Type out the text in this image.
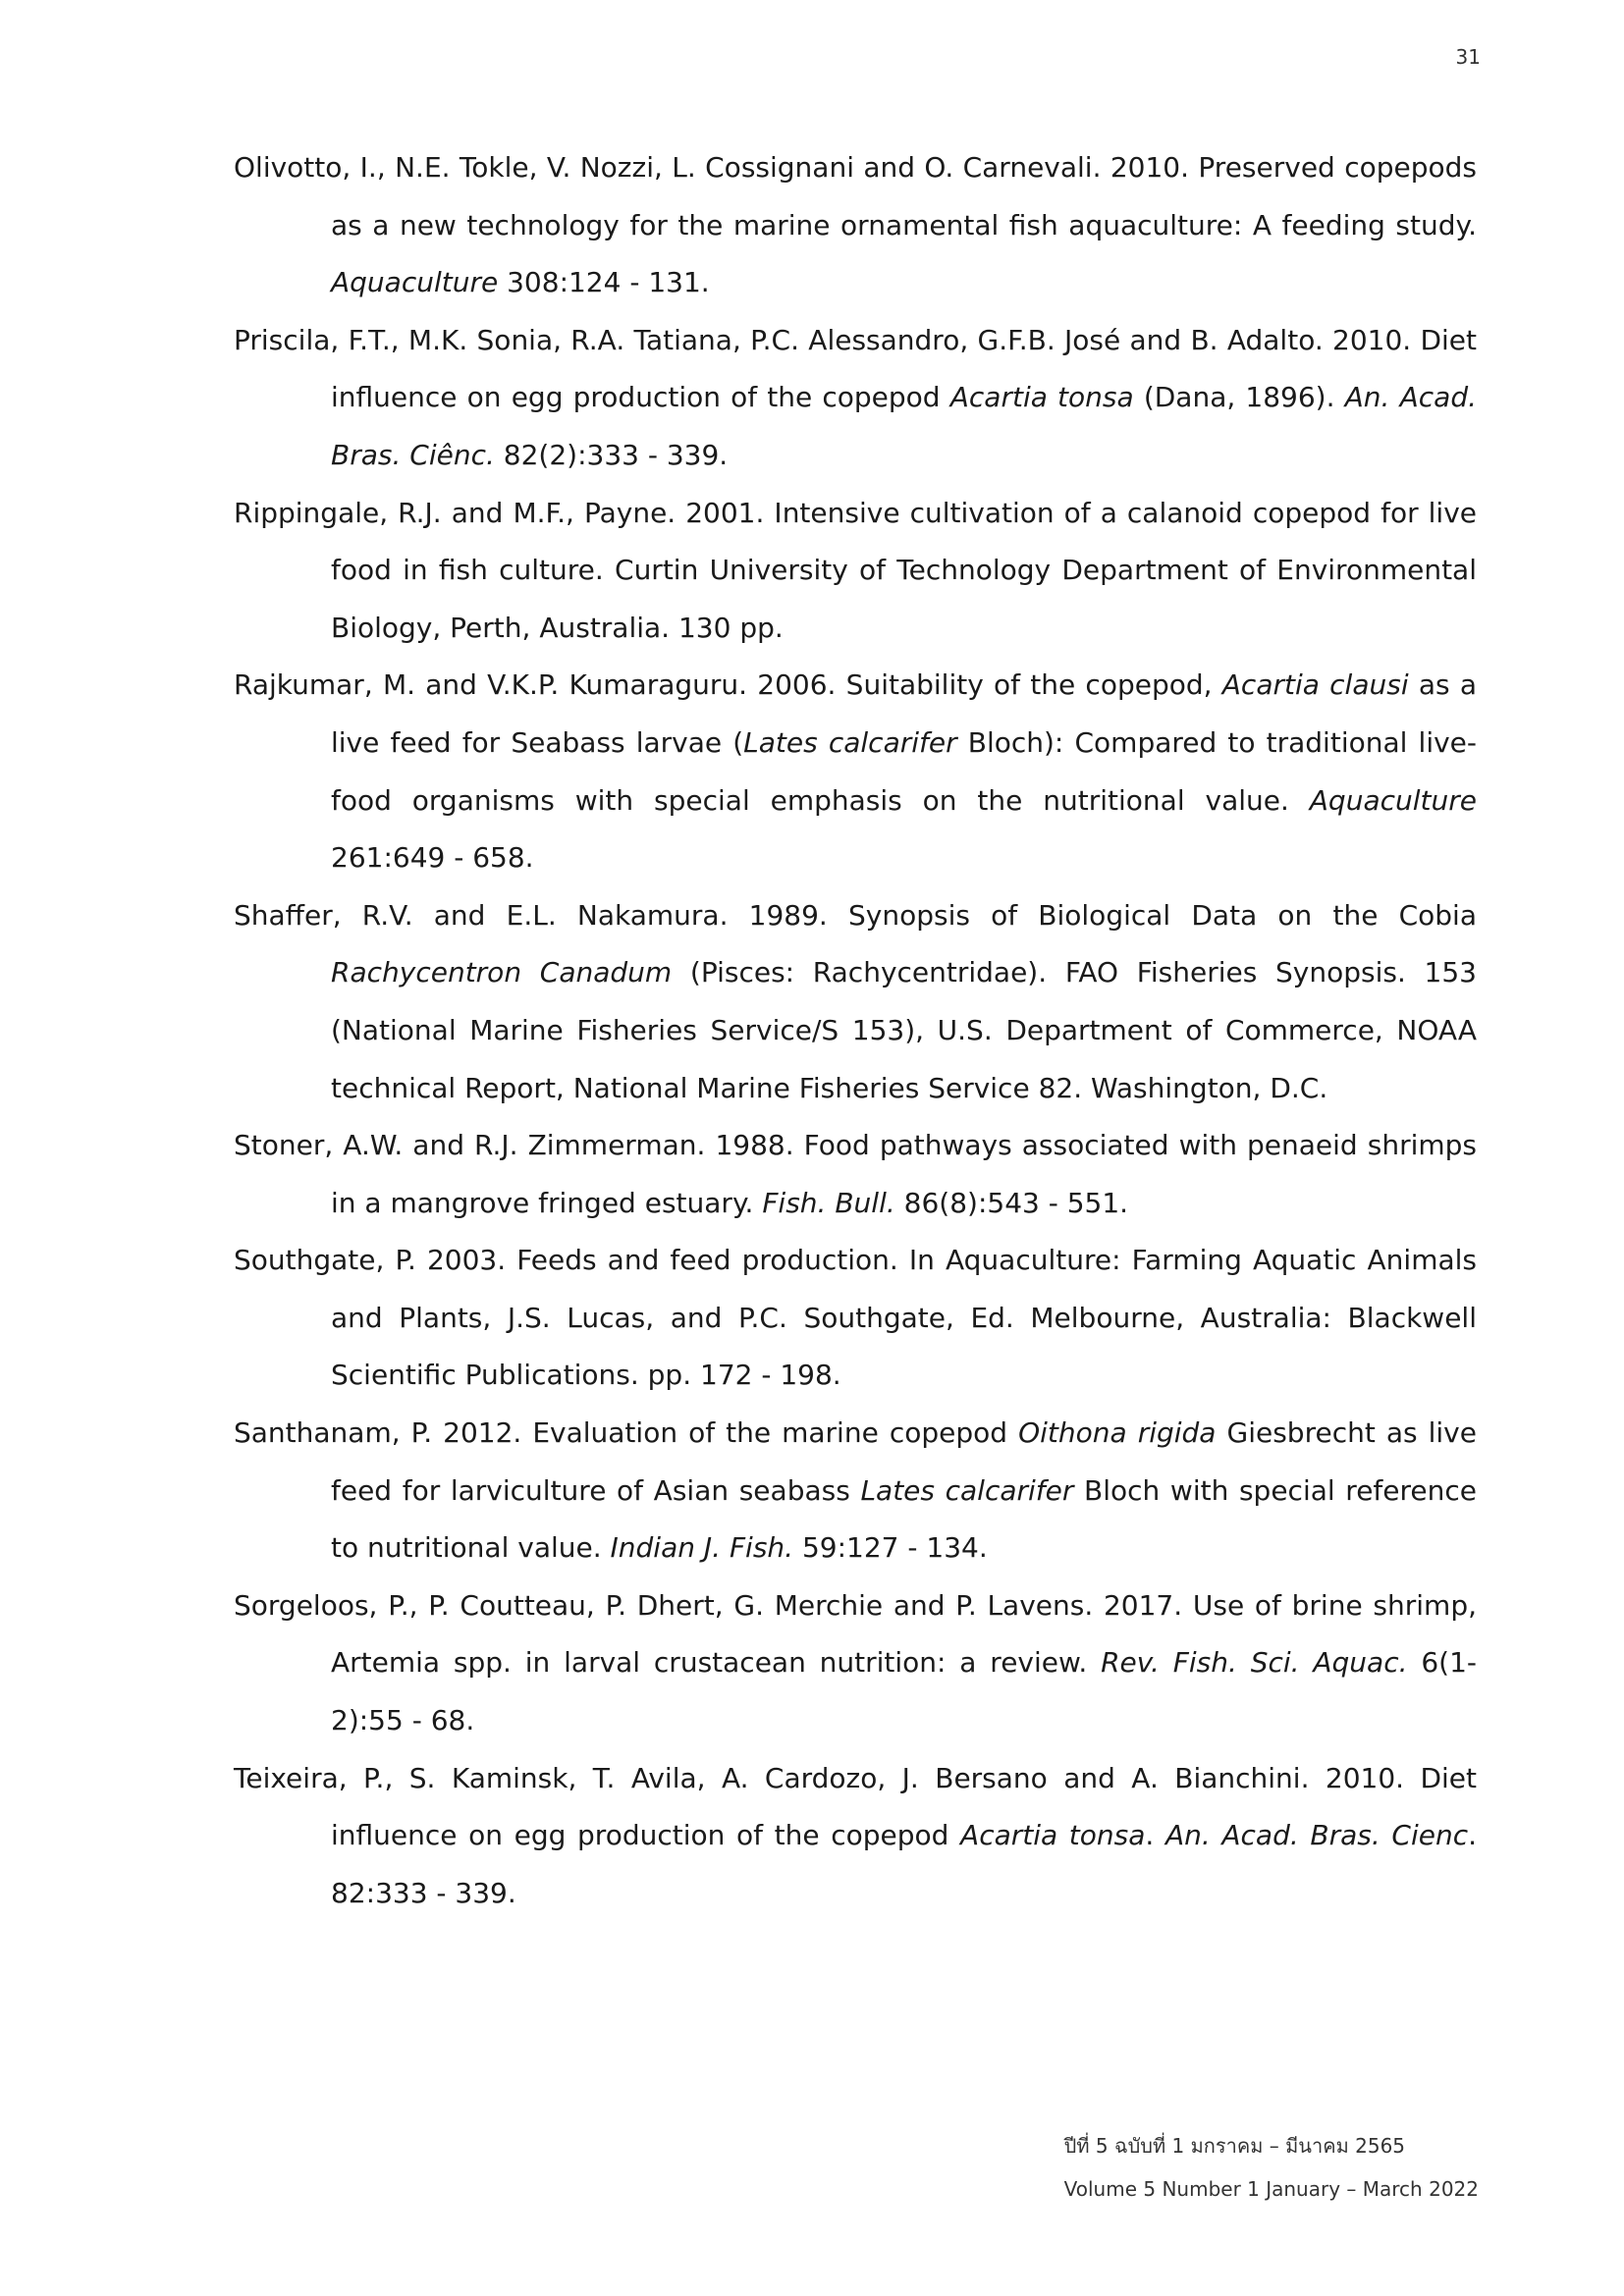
31

Olivotto, I., N.E. Tokle, V. Nozzi, L. Cossignani and O. Carnevali. 2010. Preserved copepods as a new technology for the marine ornamental fish aquaculture: A feeding study. Aquaculture 308:124 - 131.

Priscila, F.T., M.K. Sonia, R.A. Tatiana, P.C. Alessandro, G.F.B. José and B. Adalto. 2010. Diet influence on egg production of the copepod Acartia tonsa (Dana, 1896). An. Acad. Bras. Ciênc. 82(2):333 - 339.

Rippingale, R.J. and M.F., Payne. 2001. Intensive cultivation of a calanoid copepod for live food in fish culture. Curtin University of Technology Department of Environmental Biology, Perth, Australia. 130 pp.

Rajkumar, M. and V.K.P. Kumaraguru. 2006. Suitability of the copepod, Acartia clausi as a live feed for Seabass larvae (Lates calcarifer Bloch): Compared to traditional live-food organisms with special emphasis on the nutritional value. Aquaculture 261:649 - 658.

Shaffer, R.V. and E.L. Nakamura. 1989. Synopsis of Biological Data on the Cobia Rachycentron Canadum (Pisces: Rachycentridae). FAO Fisheries Synopsis. 153 (National Marine Fisheries Service/S 153), U.S. Department of Commerce, NOAA technical Report, National Marine Fisheries Service 82. Washington, D.C.

Stoner, A.W. and R.J. Zimmerman. 1988. Food pathways associated with penaeid shrimps in a mangrove fringed estuary. Fish. Bull. 86(8):543 - 551.

Southgate, P. 2003. Feeds and feed production. In Aquaculture: Farming Aquatic Animals and Plants, J.S. Lucas, and P.C. Southgate, Ed. Melbourne, Australia: Blackwell Scientific Publications. pp. 172 - 198.

Santhanam, P. 2012. Evaluation of the marine copepod Oithona rigida Giesbrecht as live feed for larviculture of Asian seabass Lates calcarifer Bloch with special reference to nutritional value. Indian J. Fish. 59:127 - 134.

Sorgeloos, P., P. Coutteau, P. Dhert, G. Merchie and P. Lavens. 2017. Use of brine shrimp, Artemia spp. in larval crustacean nutrition: a review. Rev. Fish. Sci. Aquac. 6(1-2):55 - 68.

Teixeira, P., S. Kaminsk, T. Avila, A. Cardozo, J. Bersano and A. Bianchini. 2010. Diet influence on egg production of the copepod Acartia tonsa. An. Acad. Bras. Cienc. 82:333 - 339.

ปีที่ 5 ฉบับที่ 1 มกราคม – มีนาคม 2565
Volume 5 Number 1 January – March 2022
